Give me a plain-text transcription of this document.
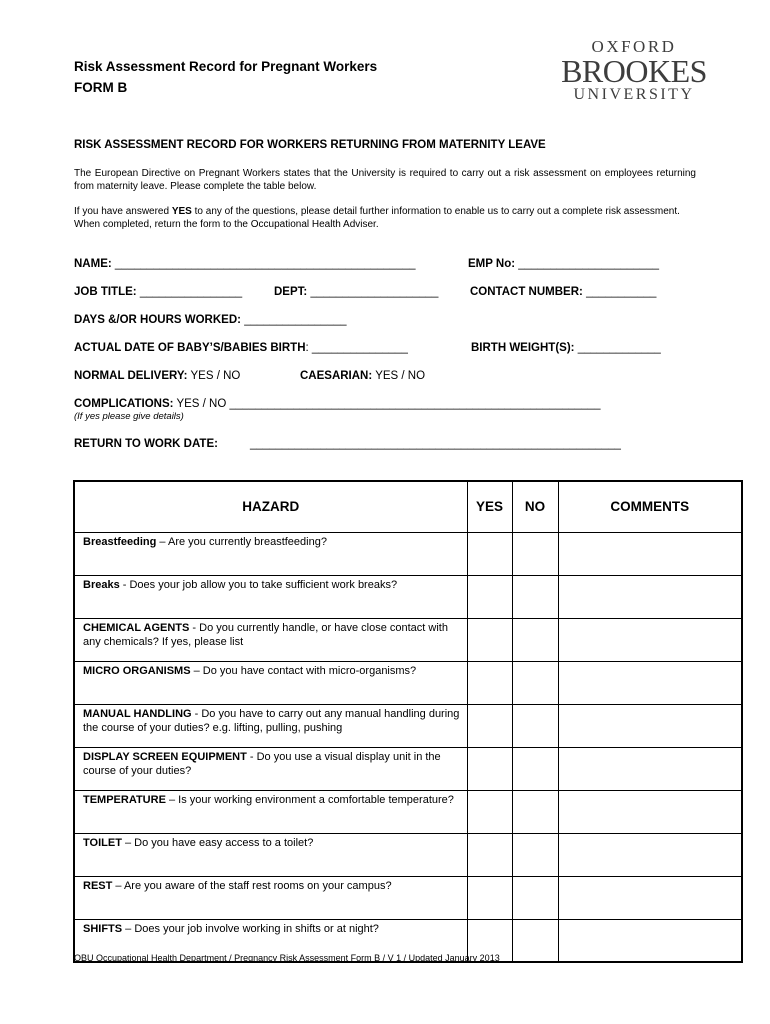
Risk Assessment Record for Pregnant Workers
FORM B
OXFORD
BROOKES
UNIVERSITY
RISK ASSESSMENT RECORD FOR WORKERS RETURNING FROM MATERNITY LEAVE
The European Directive on Pregnant Workers states that the University is required to carry out a risk assessment on employees returning from maternity leave. Please complete the table below.
If you have answered YES to any of the questions, please detail further information to enable us to carry out a complete risk assessment. When completed, return the form to the Occupational Health Adviser.
NAME: _______________________________________________	EMP No: ______________________
JOB TITLE: ________________	DEPT: ____________________	CONTACT NUMBER: ___________
DAYS &/OR HOURS WORKED: ________________
ACTUAL DATE OF BABY’S/BABIES BIRTH: _______________	BIRTH WEIGHT(S): _____________
NORMAL DELIVERY: YES / NO	CAESARIAN: YES / NO
COMPLICATIONS: YES / NO __________________________________________________________
(If yes please give details)
RETURN TO WORK DATE:	__________________________________________________________
HAZARD	YES	NO	COMMENTS
Breastfeeding – Are you currently breastfeeding?			
Breaks - Does your job allow you to take sufficient work breaks?			
CHEMICAL AGENTS - Do you currently handle, or have close contact with any chemicals? If yes, please list			
MICRO ORGANISMS – Do you have contact with micro-organisms?			
MANUAL HANDLING - Do you have to carry out any manual handling during the course of your duties? e.g. lifting, pulling, pushing			
DISPLAY SCREEN EQUIPMENT - Do you use a visual display unit in the course of your duties?			
TEMPERATURE – Is your working environment a comfortable temperature?			
TOILET – Do you have easy access to a toilet?			
REST – Are you aware of the staff rest rooms on your campus?			
SHIFTS – Does your job involve working in shifts or at night?			
OBU Occupational Health Department / Pregnancy Risk Assessment Form B / V 1 / Updated January 2013
